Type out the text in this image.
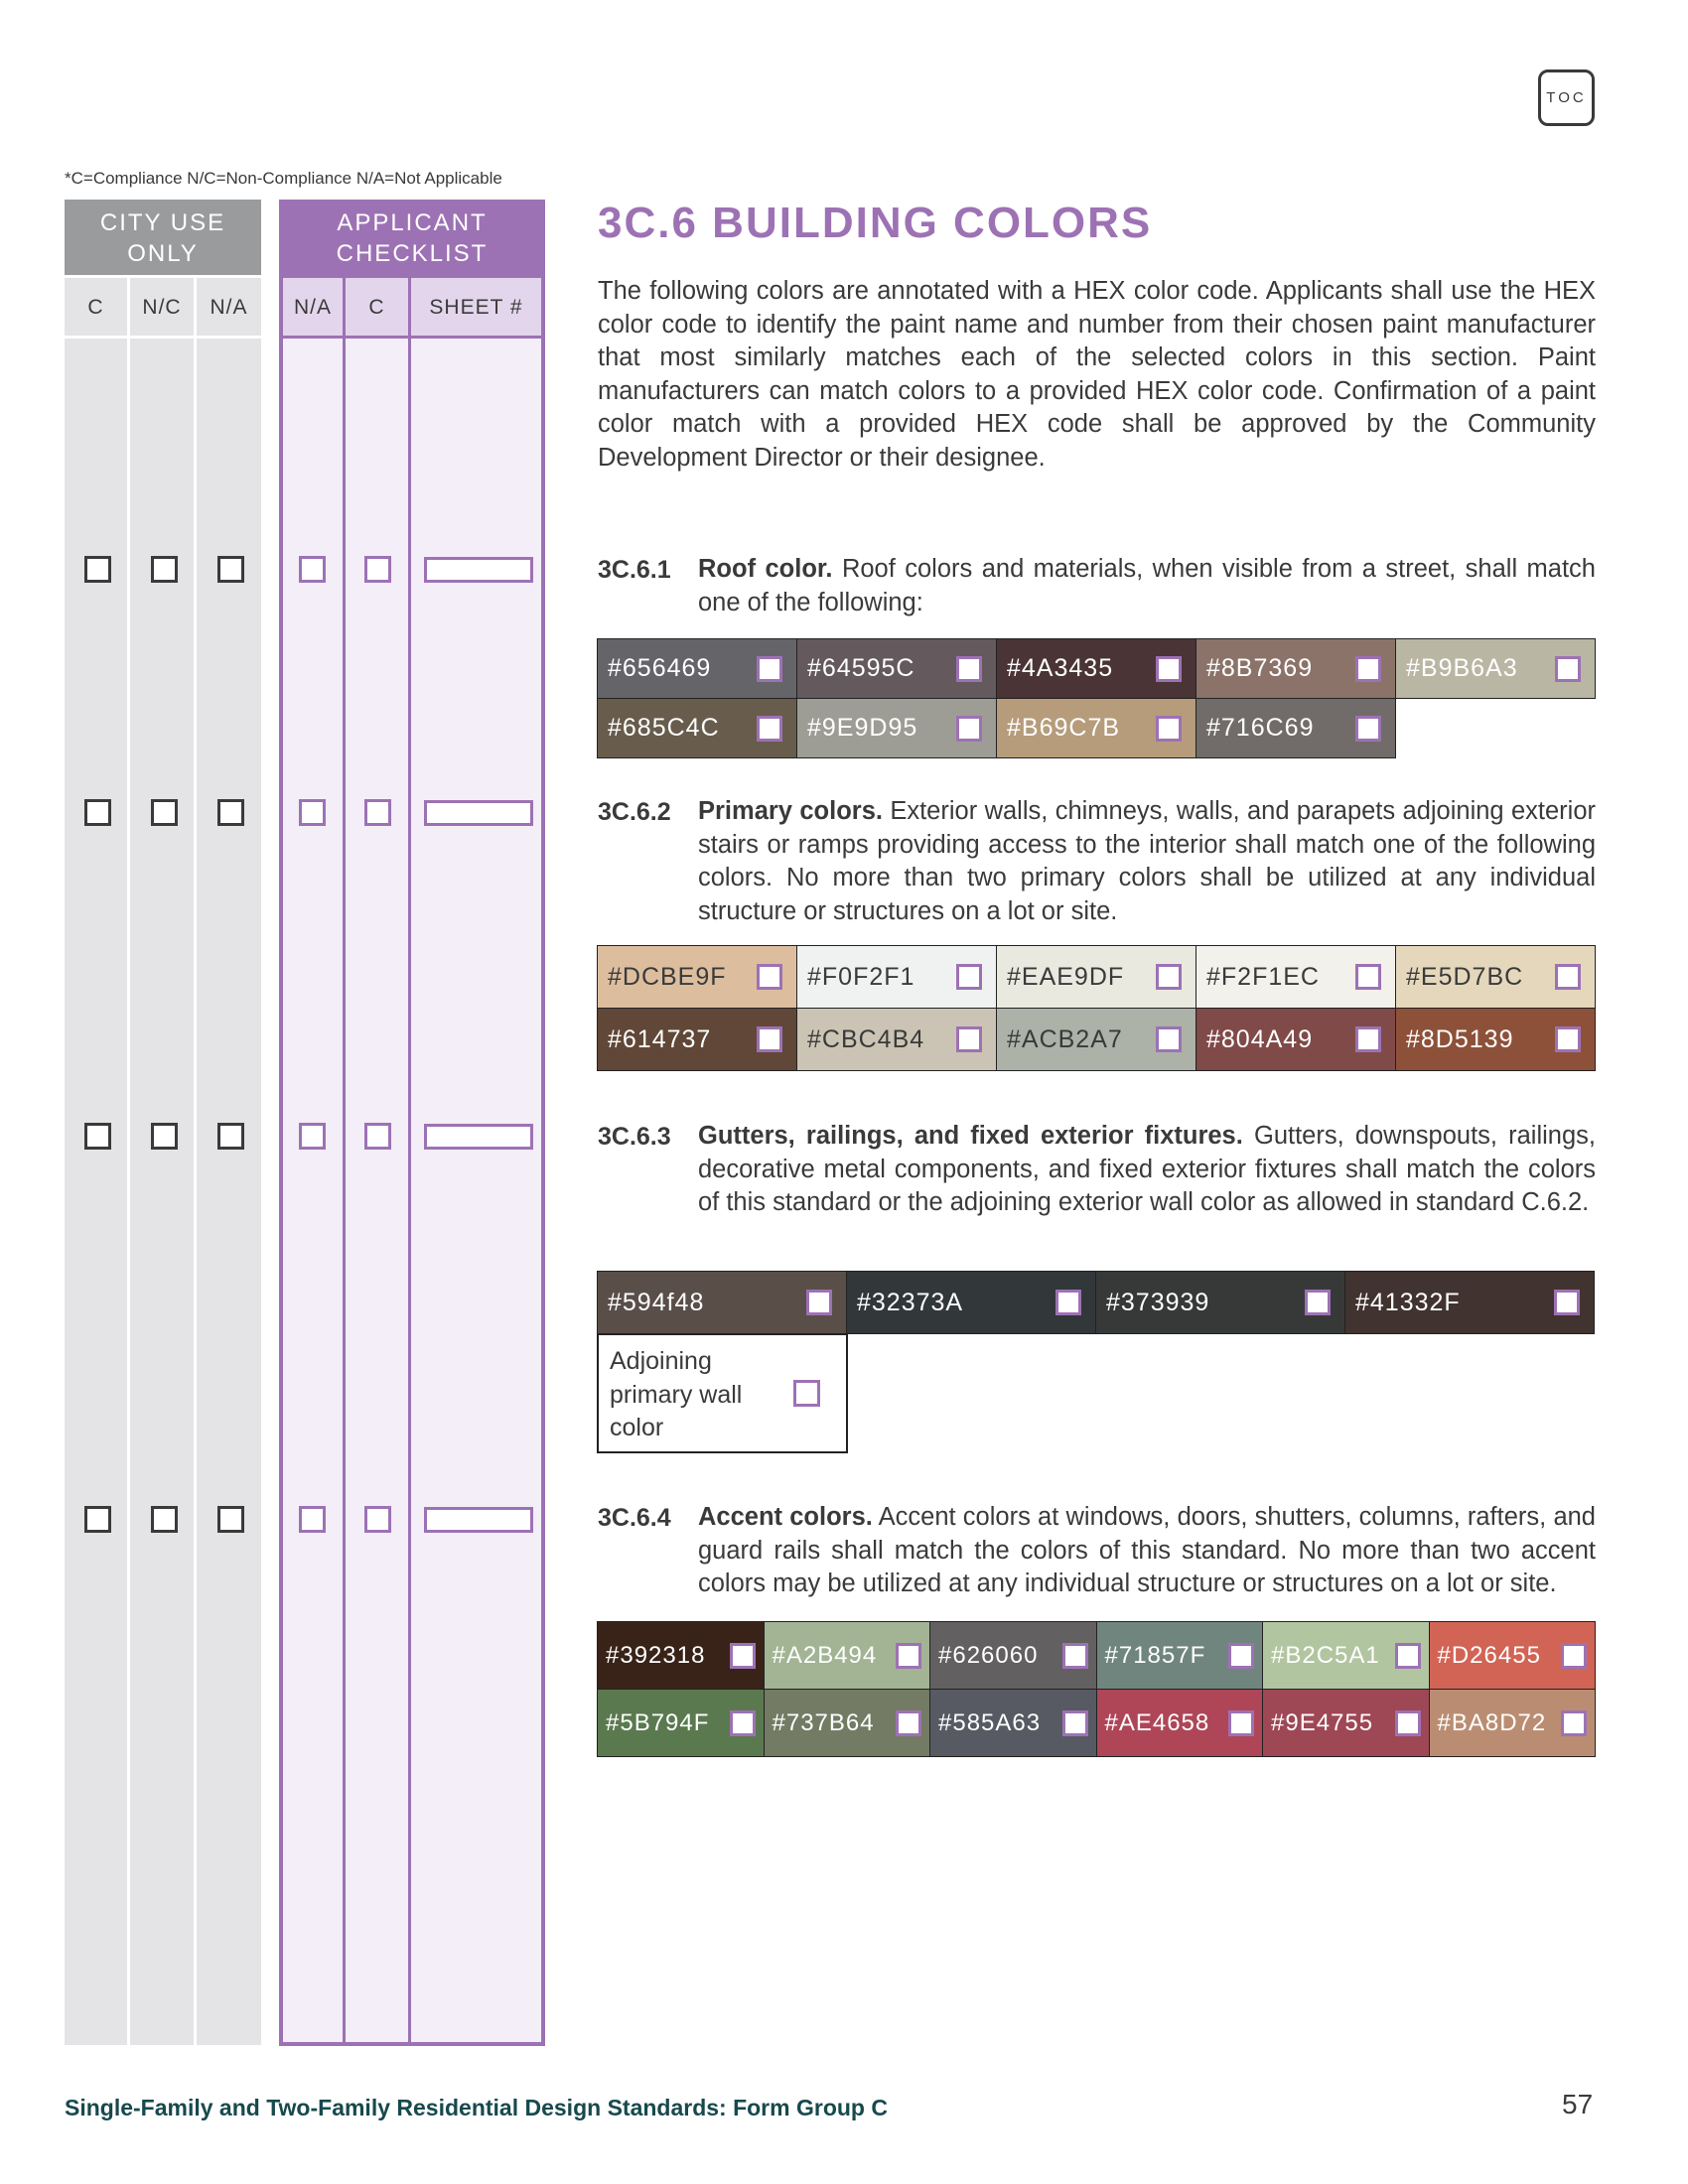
TOC
*C=Compliance N/C=Non-Compliance N/A=Not Applicable
CITY USE
ONLY
C	N/C	N/A
APPLICANT
CHECKLIST
N/A	C	SHEET #
3C.6 BUILDING COLORS
The following colors are annotated with a HEX color code. Applicants shall use the HEX color code to identify the paint name and number from their chosen paint manufacturer that most similarly matches each of the selected colors in this section. Paint manufacturers can match colors to a provided HEX color code. Confirmation of a paint color match with a provided HEX code shall be approved by the Community Development Director or their designee.
3C.6.1 Roof color. Roof colors and materials, when visible from a street, shall match one of the following:
3C.6.2 Primary colors. Exterior walls, chimneys, walls, and parapets adjoining exterior stairs or ramps providing access to the interior shall match one of the following colors. No more than two primary colors shall be utilized at any individual structure or structures on a lot or site.
3C.6.3 Gutters, railings, and fixed exterior fixtures. Gutters, downspouts, railings, decorative metal components, and fixed exterior fixtures shall match the colors of this standard or the adjoining exterior wall color as allowed in standard C.6.2.
Adjoining primary wall color
3C.6.4 Accent colors. Accent colors at windows, doors, shutters, columns, rafters, and guard rails shall match the colors of this standard. No more than two accent colors may be utilized at any individual structure or structures on a lot or site.
Single-Family and Two-Family Residential Design Standards: Form Group C	57
#656469	#64595C	#4A3435	#8B7369	#B9B6A3
#685C4C	#9E9D95	#B69C7B	#716C69
#DCBE9F	#F0F2F1	#EAE9DF	#F2F1EC	#E5D7BC
#614737	#CBC4B4	#ACB2A7	#804A49	#8D5139
#594f48	#32373A	#373939	#41332F
#392318	#A2B494	#626060	#71857F	#B2C5A1	#D26455
#5B794F	#737B64	#585A63	#AE4658	#9E4755	#BA8D72
